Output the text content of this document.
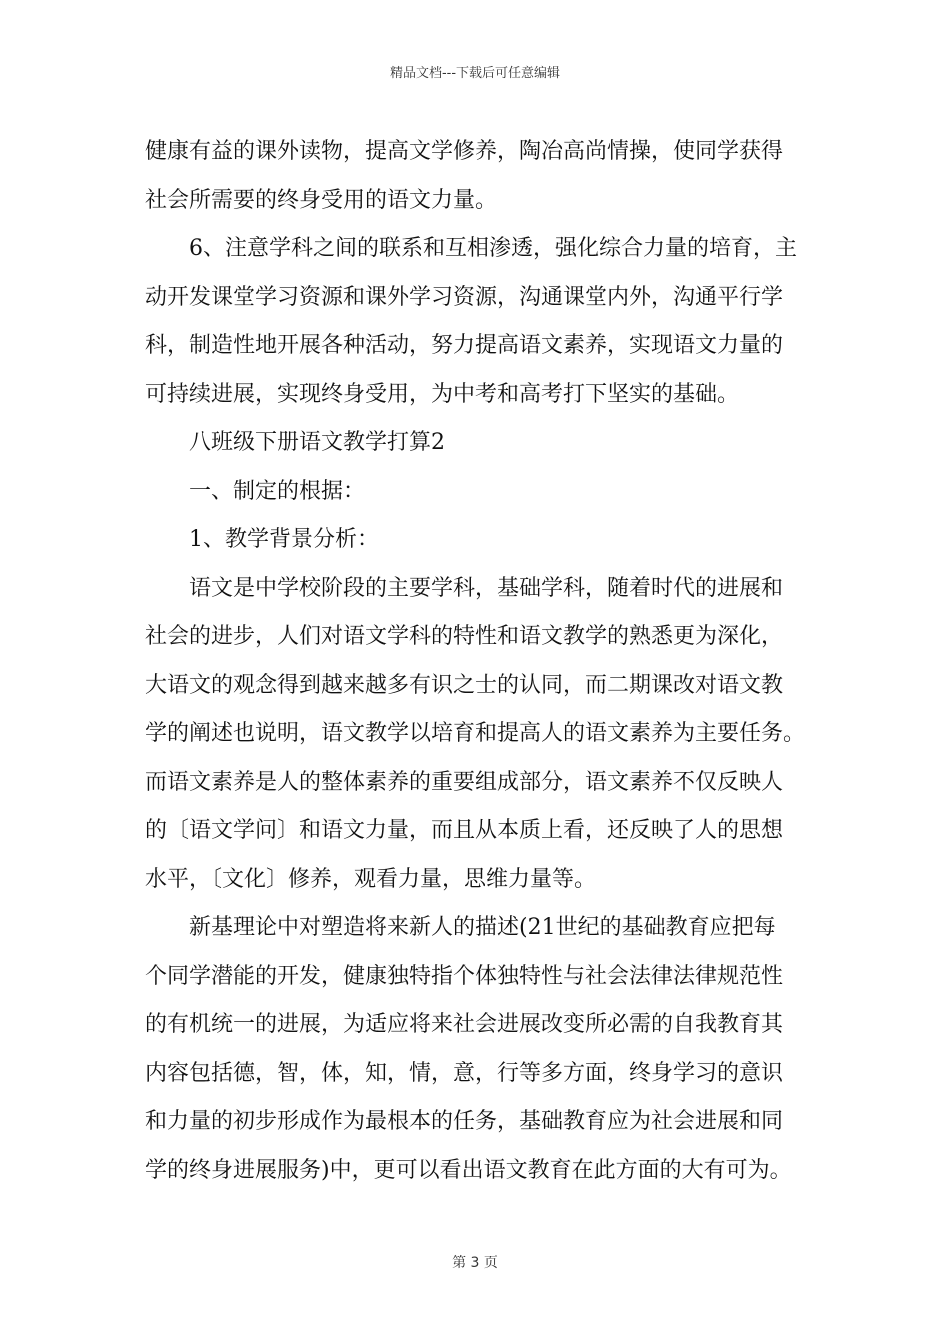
精品文档---下载后可任意编辑
健康有益的课外读物，提高文学修养，陶冶高尚情操，使同学获得
社会所需要的终身受用的语文力量。
6、注意学科之间的联系和互相渗透，强化综合力量的培育，主
动开发课堂学习资源和课外学习资源，沟通课堂内外，沟通平行学
科，制造性地开展各种活动，努力提高语文素养，实现语文力量的
可持续进展，实现终身受用，为中考和高考打下坚实的基础。
八班级下册语文教学打算2
一、制定的根据：
1、教学背景分析：
语文是中学校阶段的主要学科，基础学科，随着时代的进展和
社会的进步，人们对语文学科的特性和语文教学的熟悉更为深化，
大语文的观念得到越来越多有识之士的认同，而二期课改对语文教
学的阐述也说明，语文教学以培育和提高人的语文素养为主要任务。
而语文素养是人的整体素养的重要组成部分，语文素养不仅反映人
的〔语文学问〕和语文力量，而且从本质上看，还反映了人的思想
水平，〔文化〕修养，观看力量，思维力量等。
新基理论中对塑造将来新人的描述(21世纪的基础教育应把每
个同学潜能的开发，健康独特指个体独特性与社会法律法律规范性
的有机统一的进展，为适应将来社会进展改变所必需的自我教育其
内容包括德，智，体，知，情，意，行等多方面，终身学习的意识
和力量的初步形成作为最根本的任务，基础教育应为社会进展和同
学的终身进展服务)中，更可以看出语文教育在此方面的大有可为。
第 3 页
